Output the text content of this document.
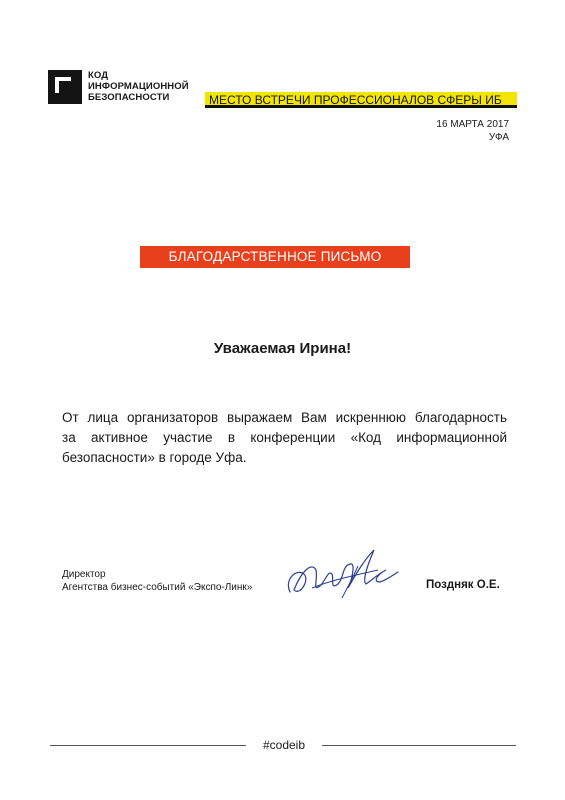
КОД
ИНФОРМАЦИОННОЙ
БЕЗОПАСНОСТИ	МЕСТО ВСТРЕЧИ ПРОФЕССИОНАЛОВ СФЕРЫ ИБ
16 МАРТА 2017
УФА
БЛАГОДАРСТВЕННОЕ ПИСЬМО
Уважаемая Ирина!
От лица организаторов выражаем Вам искреннюю благодарность
за активное участие в конференции «Код информационной
безопасности» в городе Уфа.
Директор
Агентства бизнес-событий «Экспо-Линк»	Поздняк О.Е.
#codeib
